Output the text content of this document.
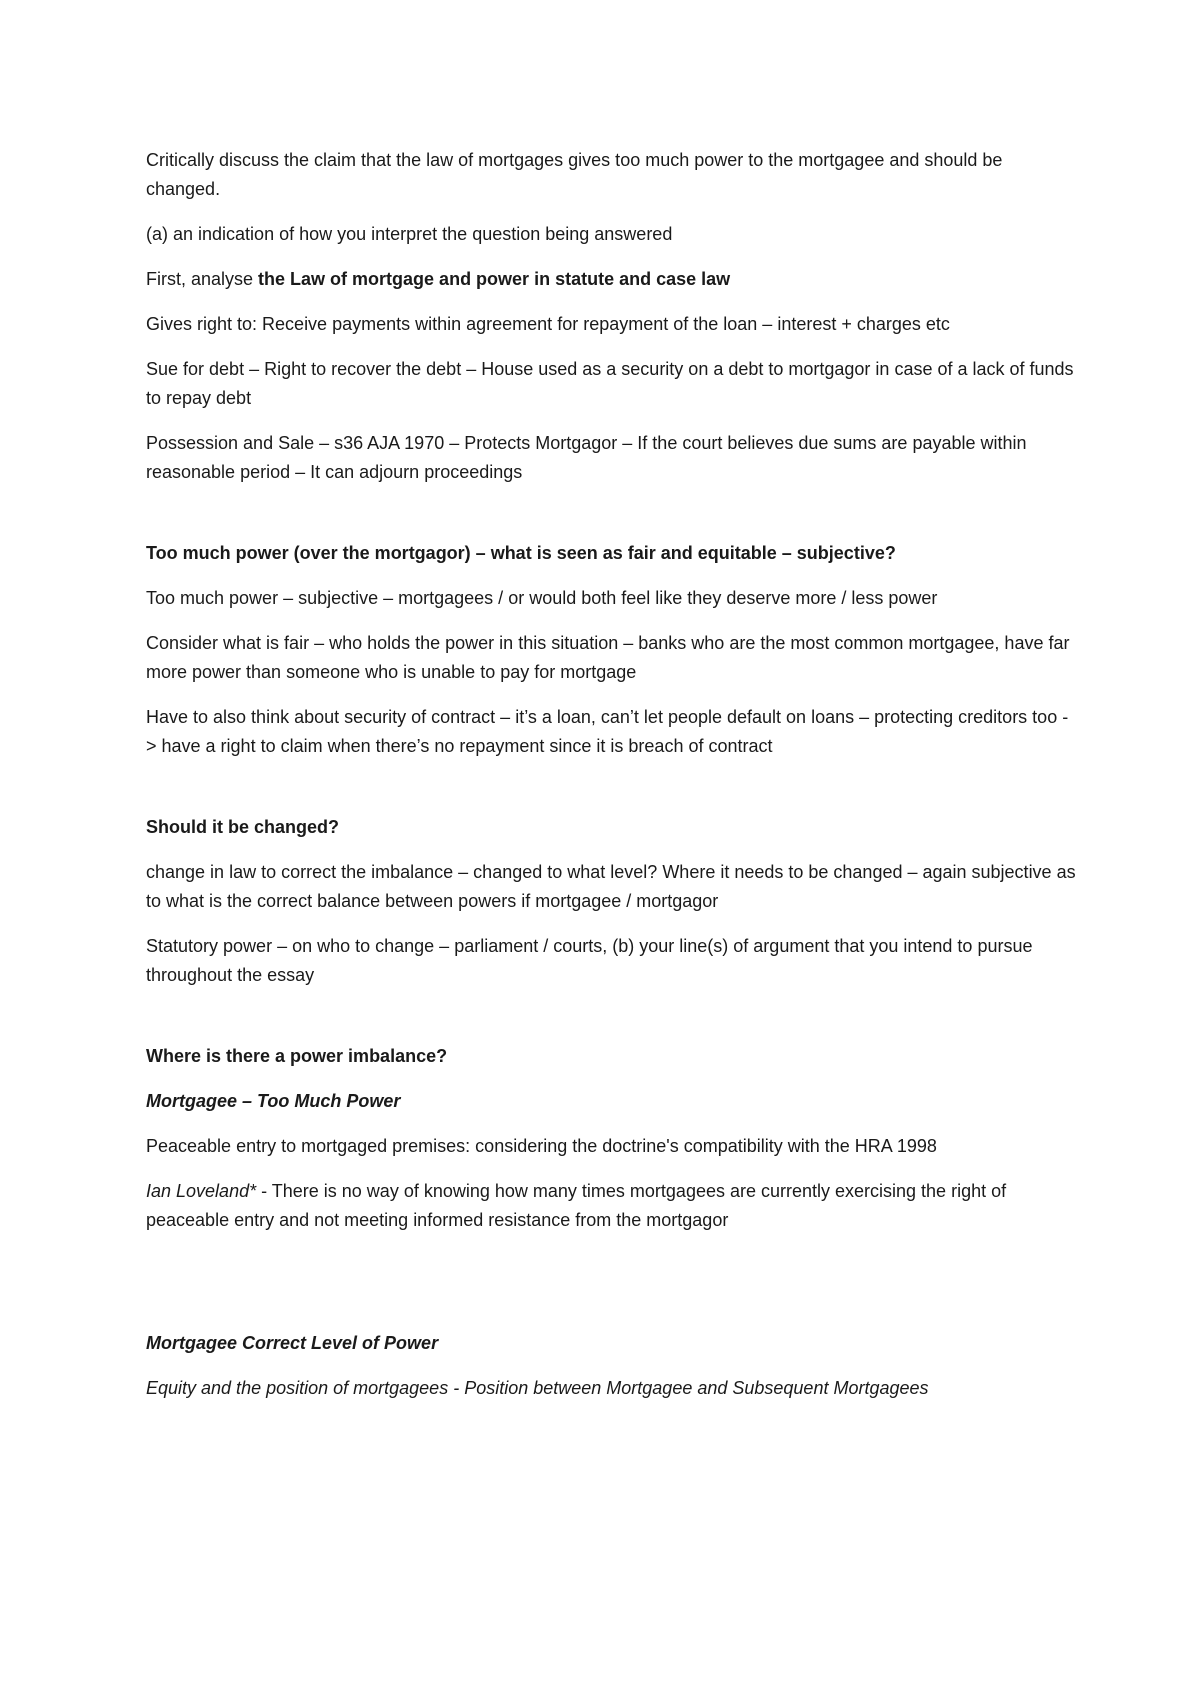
Critically discuss the claim that the law of mortgages gives too much power to the mortgagee and should be changed.

(a) an indication of how you interpret the question being answered

First, analyse the Law of mortgage and power in statute and case law

Gives right to: Receive payments within agreement for repayment of the loan – interest + charges etc

Sue for debt – Right to recover the debt – House used as a security on a debt to mortgagor in case of a lack of funds to repay debt

Possession and Sale – s36 AJA 1970 – Protects Mortgagor – If the court believes due sums are payable within reasonable period – It can adjourn proceedings

Too much power (over the mortgagor) – what is seen as fair and equitable – subjective?

Too much power – subjective – mortgagees / or would both feel like they deserve more / less power

Consider what is fair – who holds the power in this situation – banks who are the most common mortgagee, have far more power than someone who is unable to pay for mortgage

Have to also think about security of contract – it’s a loan, can’t let people default on loans – protecting creditors too -> have a right to claim when there’s no repayment since it is breach of contract

Should it be changed?

change in law to correct the imbalance – changed to what level? Where it needs to be changed – again subjective as to what is the correct balance between powers if mortgagee / mortgagor

Statutory power – on who to change – parliament / courts, (b) your line(s) of argument that you intend to pursue throughout the essay

Where is there a power imbalance?

Mortgagee – Too Much Power

Peaceable entry to mortgaged premises: considering the doctrine's compatibility with the HRA 1998

Ian Loveland* - There is no way of knowing how many times mortgagees are currently exercising the right of peaceable entry and not meeting informed resistance from the mortgagor

Mortgagee Correct Level of Power

Equity and the position of mortgagees - Position between Mortgagee and Subsequent Mortgagees
